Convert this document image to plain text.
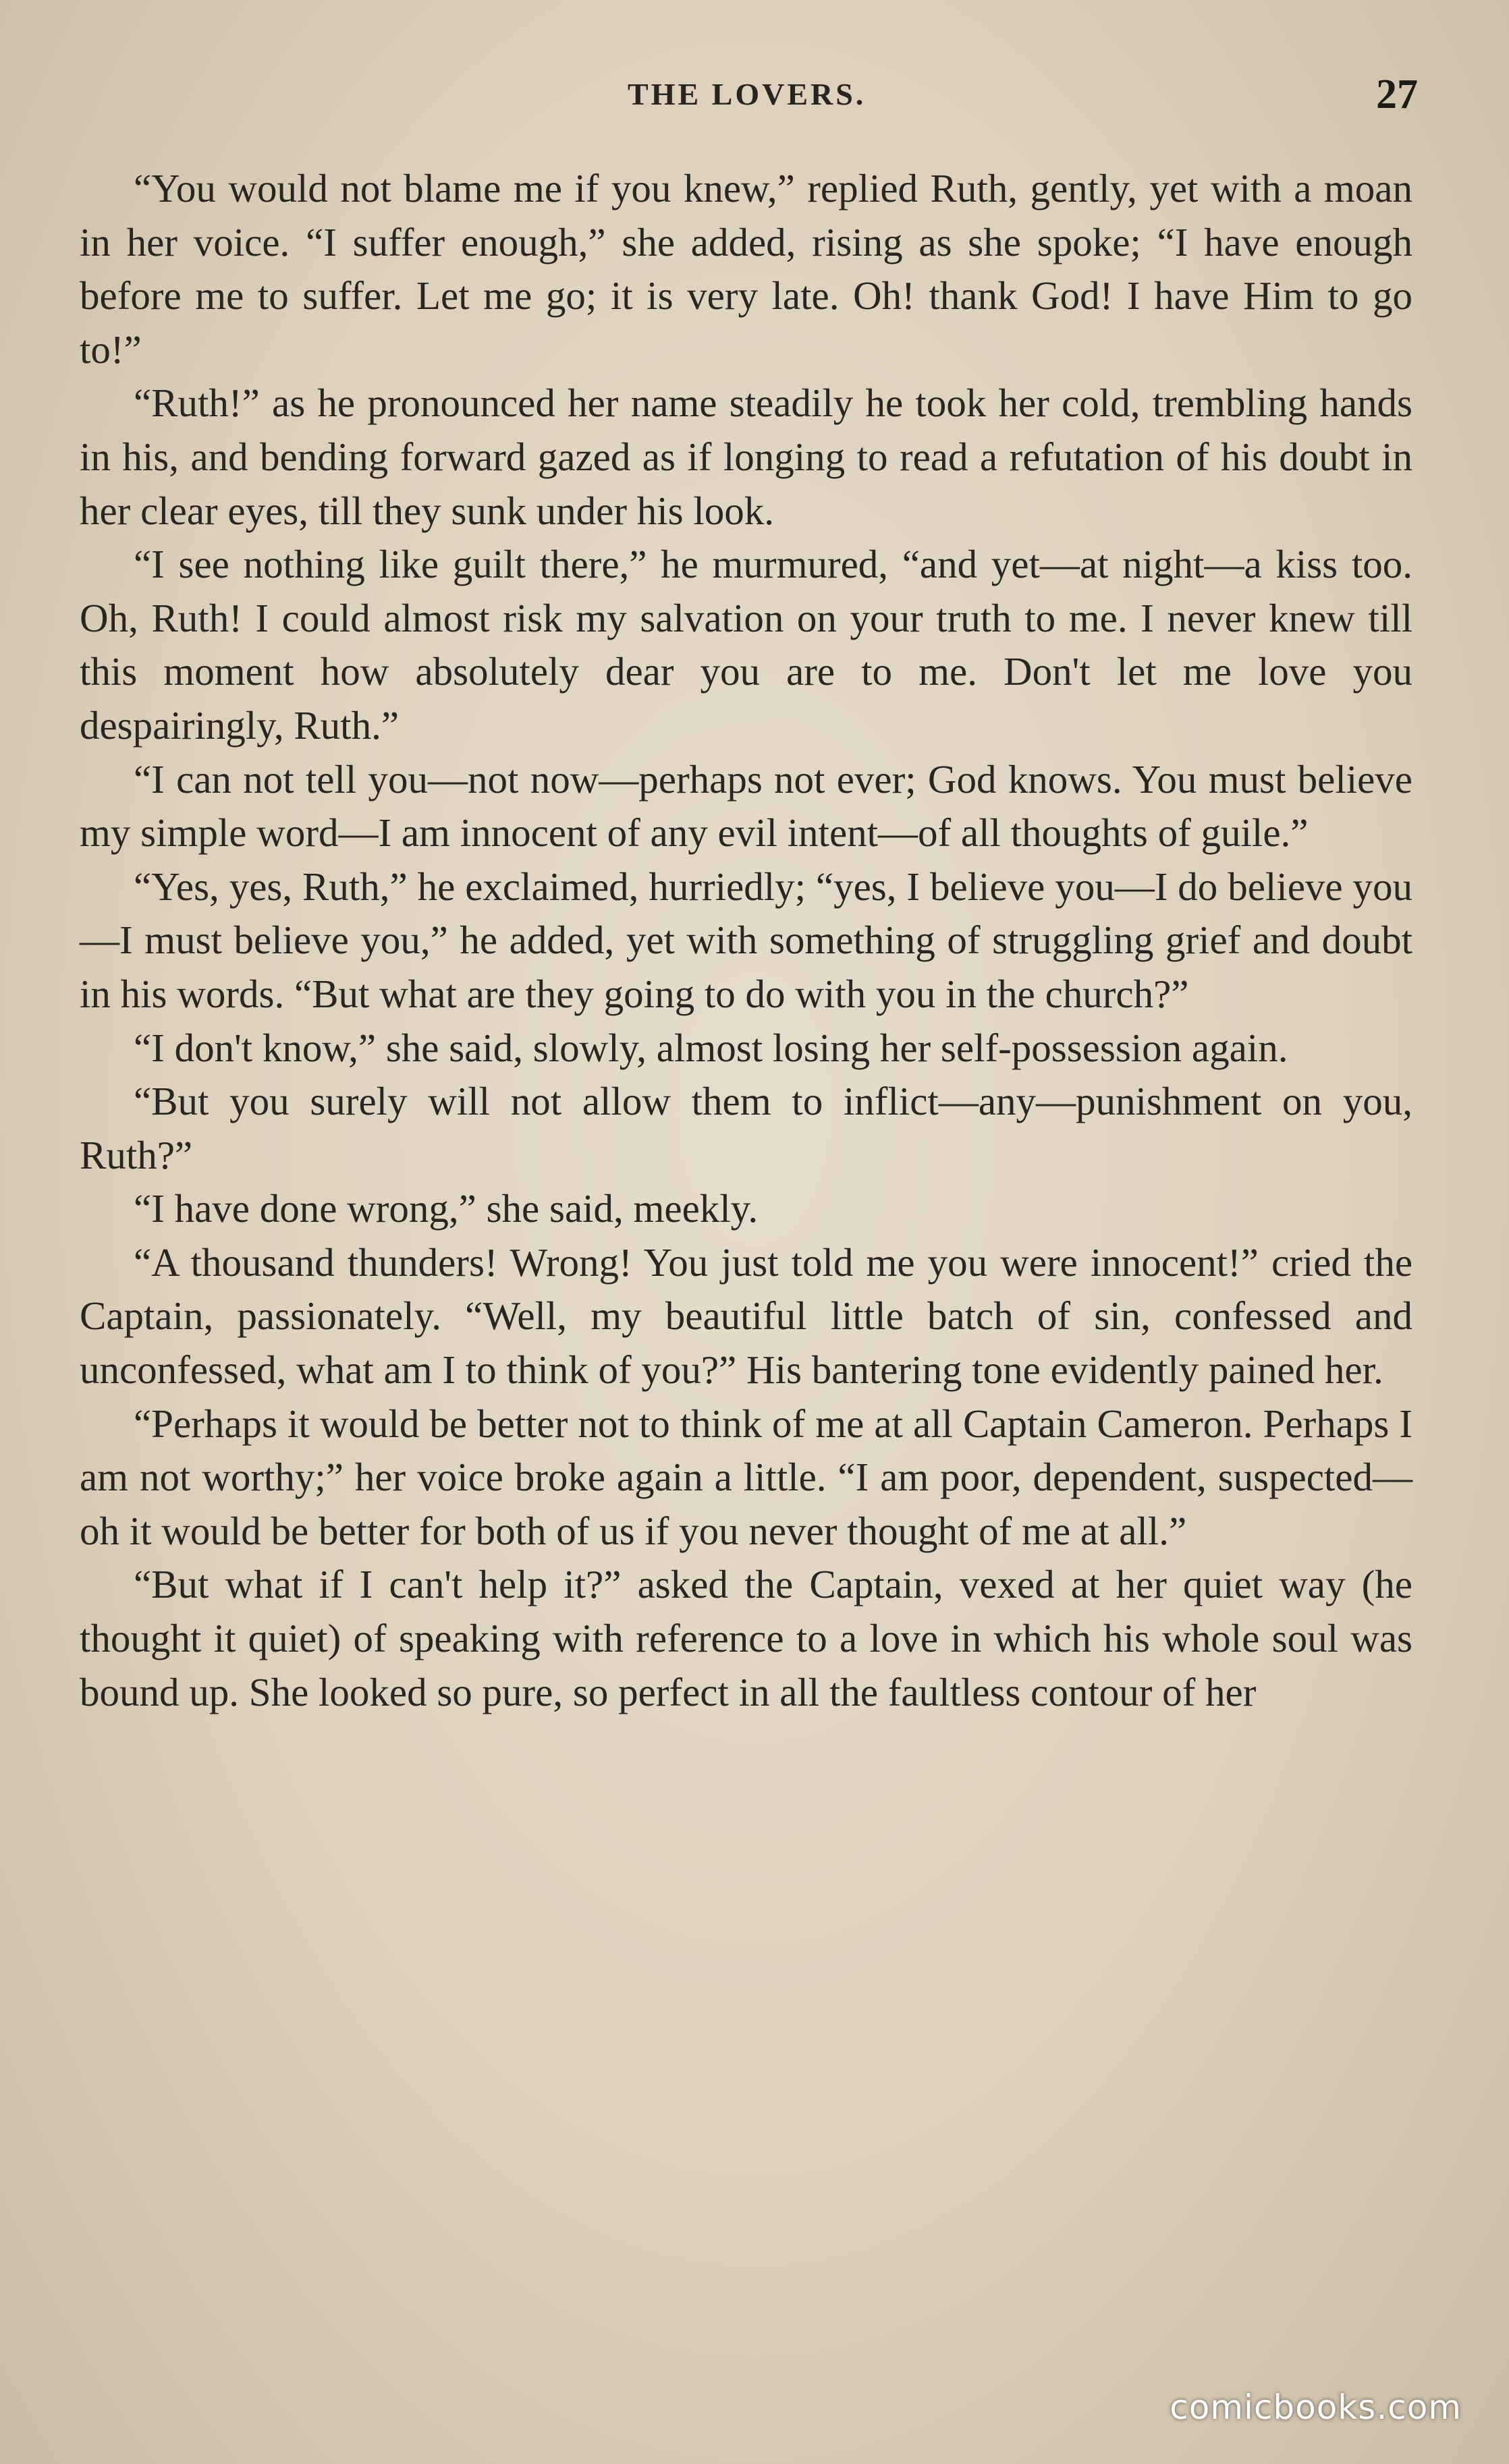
THE LOVERS.	27

“You would not blame me if you knew,” replied Ruth, gently, yet with a moan in her voice. “I suffer enough,” she added, rising as she spoke; “I have enough before me to suffer. Let me go; it is very late. Oh! thank God! I have Him to go to!”

“Ruth!” as he pronounced her name steadily he took her cold, trembling hands in his, and bending forward gazed as if longing to read a refutation of his doubt in her clear eyes, till they sunk under his look.

“I see nothing like guilt there,” he murmured, “and yet—at night—a kiss too. Oh, Ruth! I could almost risk my salvation on your truth to me. I never knew till this moment how absolutely dear you are to me. Don't let me love you despairingly, Ruth.”

“I can not tell you—not now—perhaps not ever; God knows. You must believe my simple word—I am innocent of any evil intent—of all thoughts of guile.”

“Yes, yes, Ruth,” he exclaimed, hurriedly; “yes, I believe you—I do believe you—I must believe you,” he added, yet with something of struggling grief and doubt in his words. “But what are they going to do with you in the church?”

“I don't know,” she said, slowly, almost losing her self-possession again.

“But you surely will not allow them to inflict—any—punishment on you, Ruth?”

“I have done wrong,” she said, meekly.

“A thousand thunders! Wrong! You just told me you were innocent!” cried the Captain, passionately. “Well, my beautiful little batch of sin, confessed and unconfessed, what am I to think of you?” His bantering tone evidently pained her.

“Perhaps it would be better not to think of me at all Captain Cameron. Perhaps I am not worthy;” her voice broke again a little. “I am poor, dependent, suspected—oh it would be better for both of us if you never thought of me at all.”

“But what if I can't help it?” asked the Captain, vexed at her quiet way (he thought it quiet) of speaking with reference to a love in which his whole soul was bound up. She looked so pure, so perfect in all the faultless contour of her

comicbooks.com
